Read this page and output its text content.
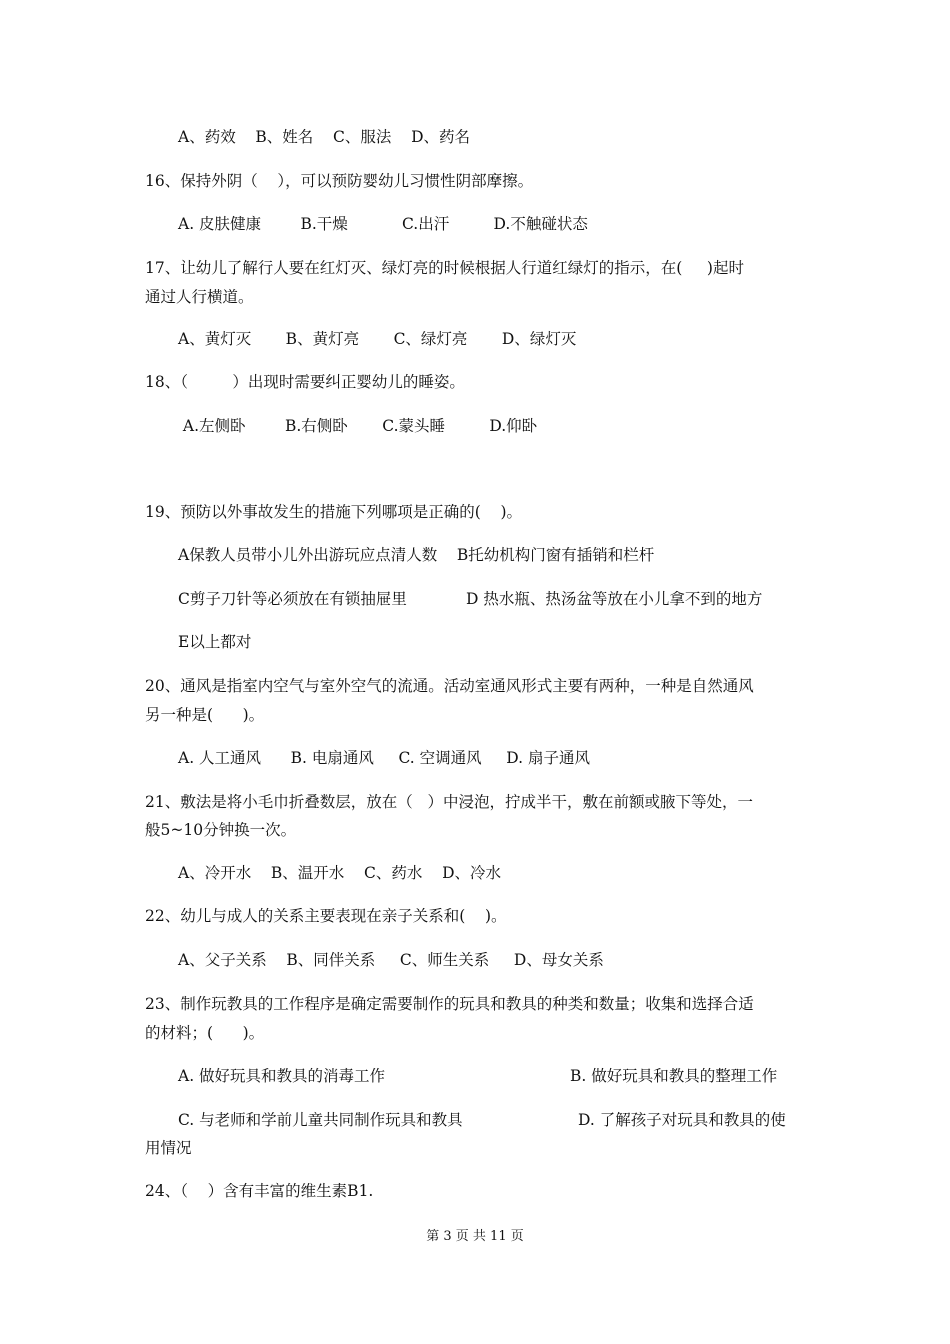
A、药效    B、姓名    C、服法    D、药名
16、保持外阴（    ），可以预防婴幼儿习惯性阴部摩擦。
A. 皮肤健康        B.干燥           C.出汗         D.不触碰状态
17、让幼儿了解行人要在红灯灭、绿灯亮的时候根据人行道红绿灯的指示，在(     )起时
通过人行横道。
A、黄灯灭       B、黄灯亮       C、绿灯亮       D、绿灯灭
18、（         ）出现时需要纠正婴幼儿的睡姿。
A.左侧卧        B.右侧卧       C.蒙头睡         D.仰卧
19、预防以外事故发生的措施下列哪项是正确的(    )。
A保教人员带小儿外出游玩应点清人数    B托幼机构门窗有插销和栏杆
C剪子刀针等必须放在有锁抽屉里            D 热水瓶、热汤盆等放在小儿拿不到的地方
E以上都对
20、通风是指室内空气与室外空气的流通。活动室通风形式主要有两种，一种是自然通风
另一种是(      )。
A. 人工通风      B. 电扇通风     C. 空调通风     D. 扇子通风
21、敷法是将小毛巾折叠数层，放在（   ）中浸泡，拧成半干，敷在前额或腋下等处，一
般5~10分钟换一次。
A、冷开水    B、温开水    C、药水    D、冷水
22、幼儿与成人的关系主要表现在亲子关系和(    )。
A、父子关系    B、同伴关系     C、师生关系     D、母女关系
23、制作玩教具的工作程序是确定需要制作的玩具和教具的种类和数量；收集和选择合适
的材料；(      )。
A. 做好玩具和教具的消毒工作	B. 做好玩具和教具的整理工作
C. 与老师和学前儿童共同制作玩具和教具	D. 了解孩子对玩具和教具的使
用情况
24、（    ）含有丰富的维生素B1.
第 3 页 共 11 页
